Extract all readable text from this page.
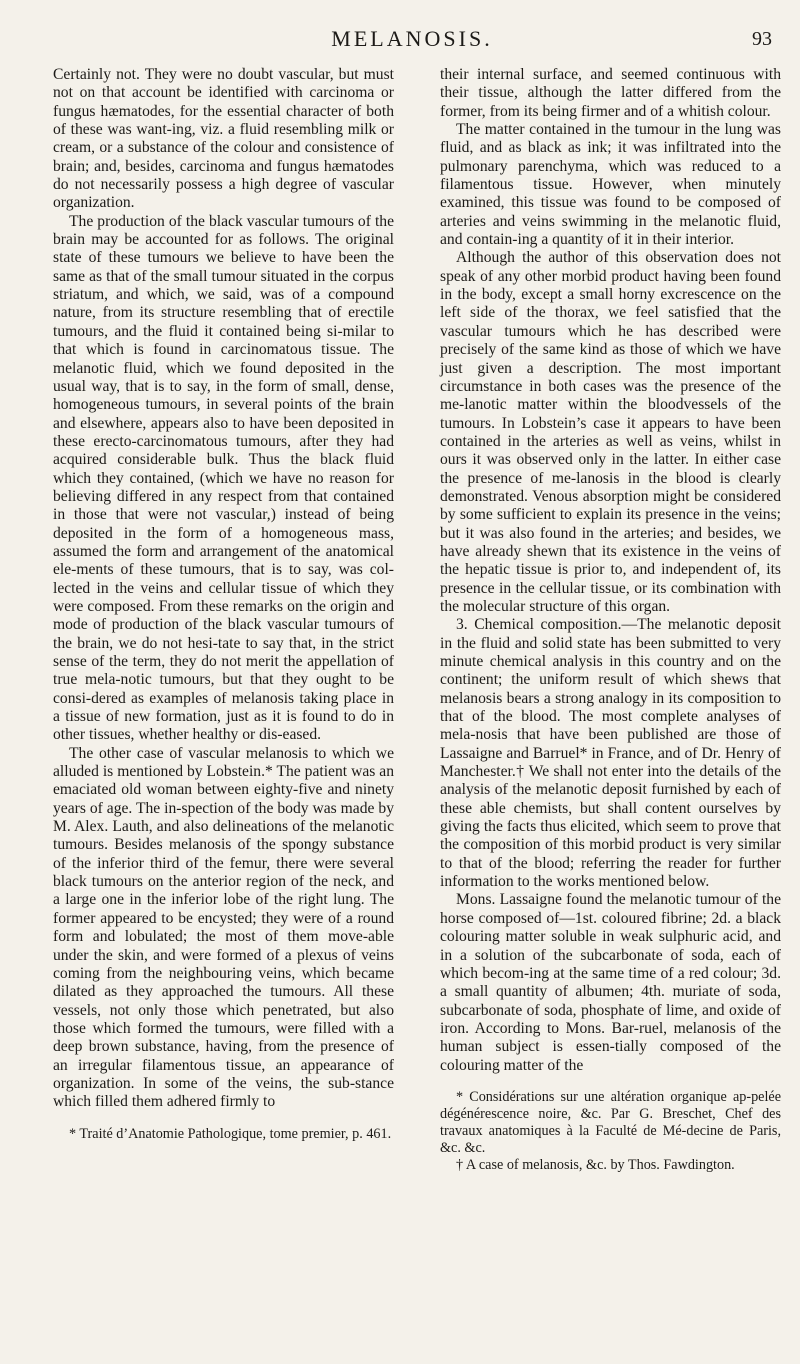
MELANOSIS.	93

Certainly not. They were no doubt vascular, but must not on that account be identified with carcinoma or fungus hæmatodes, for the essential character of both of these was want-ing, viz. a fluid resembling milk or cream, or a substance of the colour and consistence of brain; and, besides, carcinoma and fungus hæmatodes do not necessarily possess a high degree of vascular organization.

The production of the black vascular tumours of the brain may be accounted for as follows. The original state of these tumours we believe to have been the same as that of the small tumour situated in the corpus striatum, and which, we said, was of a compound nature, from its structure resembling that of erectile tumours, and the fluid it contained being si-milar to that which is found in carcinomatous tissue. The melanotic fluid, which we found deposited in the usual way, that is to say, in the form of small, dense, homogeneous tumours, in several points of the brain and elsewhere, appears also to have been deposited in these erecto-carcinomatous tumours, after they had acquired considerable bulk. Thus the black fluid which they contained, (which we have no reason for believing differed in any respect from that contained in those that were not vascular,) instead of being deposited in the form of a homogeneous mass, assumed the form and arrangement of the anatomical ele-ments of these tumours, that is to say, was col-lected in the veins and cellular tissue of which they were composed. From these remarks on the origin and mode of production of the black vascular tumours of the brain, we do not hesi-tate to say that, in the strict sense of the term, they do not merit the appellation of true mela-notic tumours, but that they ought to be consi-dered as examples of melanosis taking place in a tissue of new formation, just as it is found to do in other tissues, whether healthy or dis-eased.

The other case of vascular melanosis to which we alluded is mentioned by Lobstein.* The patient was an emaciated old woman between eighty-five and ninety years of age. The in-spection of the body was made by M. Alex. Lauth, and also delineations of the melanotic tumours. Besides melanosis of the spongy substance of the inferior third of the femur, there were several black tumours on the anterior region of the neck, and a large one in the inferior lobe of the right lung. The former appeared to be encysted; they were of a round form and lobulated; the most of them move-able under the skin, and were formed of a plexus of veins coming from the neighbouring veins, which became dilated as they approached the tumours. All these vessels, not only those which penetrated, but also those which formed the tumours, were filled with a deep brown substance, having, from the presence of an irregular filamentous tissue, an appearance of organization. In some of the veins, the sub-stance which filled them adhered firmly to

* Traité d’Anatomie Pathologique, tome premier, p. 461.

their internal surface, and seemed continuous with their tissue, although the latter differed from the former, from its being firmer and of a whitish colour.

The matter contained in the tumour in the lung was fluid, and as black as ink; it was infiltrated into the pulmonary parenchyma, which was reduced to a filamentous tissue. However, when minutely examined, this tissue was found to be composed of arteries and veins swimming in the melanotic fluid, and contain-ing a quantity of it in their interior.

Although the author of this observation does not speak of any other morbid product having been found in the body, except a small horny excrescence on the left side of the thorax, we feel satisfied that the vascular tumours which he has described were precisely of the same kind as those of which we have just given a description. The most important circumstance in both cases was the presence of the me-lanotic matter within the bloodvessels of the tumours. In Lobstein’s case it appears to have been contained in the arteries as well as veins, whilst in ours it was observed only in the latter. In either case the presence of me-lanosis in the blood is clearly demonstrated. Venous absorption might be considered by some sufficient to explain its presence in the veins; but it was also found in the arteries; and besides, we have already shewn that its existence in the veins of the hepatic tissue is prior to, and independent of, its presence in the cellular tissue, or its combination with the molecular structure of this organ.

3. Chemical composition.—The melanotic deposit in the fluid and solid state has been submitted to very minute chemical analysis in this country and on the continent; the uniform result of which shews that melanosis bears a strong analogy in its composition to that of the blood. The most complete analyses of mela-nosis that have been published are those of Lassaigne and Barruel* in France, and of Dr. Henry of Manchester.† We shall not enter into the details of the analysis of the melanotic deposit furnished by each of these able chemists, but shall content ourselves by giving the facts thus elicited, which seem to prove that the composition of this morbid product is very similar to that of the blood; referring the reader for further information to the works mentioned below.

Mons. Lassaigne found the melanotic tumour of the horse composed of—1st. coloured fibrine; 2d. a black colouring matter soluble in weak sulphuric acid, and in a solution of the subcarbonate of soda, each of which becom-ing at the same time of a red colour; 3d. a small quantity of albumen; 4th. muriate of soda, subcarbonate of soda, phosphate of lime, and oxide of iron. According to Mons. Bar-ruel, melanosis of the human subject is essen-tially composed of the colouring matter of the

* Considérations sur une altération organique ap-pelée dégénérescence noire, &c. Par G. Breschet, Chef des travaux anatomiques à la Faculté de Mé-decine de Paris, &c. &c.

† A case of melanosis, &c. by Thos. Fawdington.
